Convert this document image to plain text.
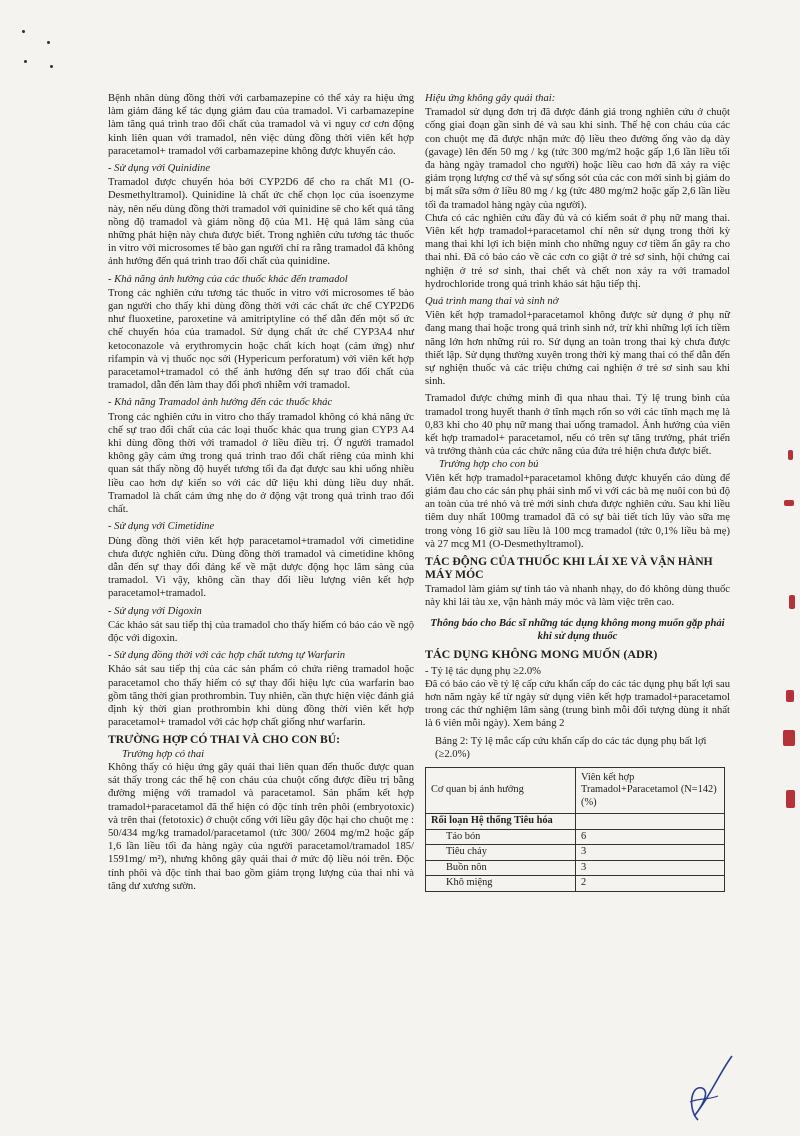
Bệnh nhân dùng đồng thời với carbamazepine có thể xảy ra hiệu ứng làm giảm đáng kể tác dụng giảm đau của tramadol. Vì carbamazepine làm tăng quá trình trao đổi chất của tramadol và vì nguy cơ cơn động kinh liên quan với tramadol, nên việc dùng đồng thời viên kết hợp paracetamol+ tramadol với carbamazepine không được khuyến cáo.

- Sử dụng với Quinidine

Tramadol được chuyển hóa bởi CYP2D6 để cho ra chất M1 (O-Desmethyltramol). Quinidine là chất ức chế chọn lọc của isoenzyme này, nên nếu dùng đồng thời tramadol với quinidine sẽ cho kết quả tăng nồng độ tramadol và giảm nồng độ của M1. Hệ quả lâm sàng của những phát hiện này chưa được biết. Trong nghiên cứu tương tác thuốc in vitro với microsomes tế bào gan người chỉ ra rằng tramadol đã không ảnh hưởng đến quá trình trao đổi chất của quinidine.

- Khả năng ảnh hưởng của các thuốc khác đến tramadol

Trong các nghiên cứu tương tác thuốc in vitro với microsomes tế bào gan người cho thấy khi dùng đồng thời với các chất ức chế CYP2D6 như fluoxetine, paroxetine và amitriptyline có thể dẫn đến một số ức chế chuyển hóa của tramadol. Sử dụng chất ức chế CYP3A4 như ketoconazole và erythromycin hoặc chất kích hoạt (cảm ứng) như rifampin và vị thuốc nọc sởi (Hypericum perforatum) với viên kết hợp paracetamol+tramadol có thể ảnh hưởng đến sự trao đổi chất của tramadol, dẫn đến làm thay đổi phơi nhiễm với tramadol.

- Khả năng Tramadol ảnh hưởng đến các thuốc khác

Trong các nghiên cứu in vitro cho thấy tramadol không có khả năng ức chế sự trao đổi chất của các loại thuốc khác qua trung gian CYP3 A4 khi dùng đồng thời với tramadol ở liều điều trị. Ở người tramadol không gây cảm ứng trong quá trình trao đổi chất riêng của mình khi quan sát thấy nồng độ huyết tương tối đa đạt được sau khi uống nhiều liều cao hơn dự kiến so với các dữ liệu khi dùng liều duy nhất. Tramadol là chất cảm ứng nhẹ do ở động vật trong quá trình trao đổi chất.

- Sử dụng với Cimetidine

Dùng đồng thời viên kết hợp paracetamol+tramadol với cimetidine chưa được nghiên cứu. Dùng đồng thời tramadol và cimetidine không dẫn đến sự thay đổi đáng kể về mặt dược động học lâm sàng của tramadol. Vì vậy, không cần thay đổi liều lượng viên kết hợp paracetamol+tramadol.

- Sử dụng với Digoxin

Các khảo sát sau tiếp thị của tramadol cho thấy hiếm có báo cáo về ngộ độc với digoxin.

- Sử dụng đồng thời với các hợp chất tương tự Warfarin

Khảo sát sau tiếp thị của các sản phẩm có chứa riêng tramadol hoặc paracetamol cho thấy hiếm có sự thay đổi hiệu lực của warfarin bao gồm tăng thời gian prothrombin. Tuy nhiên, cần thực hiện việc đánh giá định kỳ thời gian prothrombin khi dùng đồng thời viên kết hợp paracetamol+ tramadol với các hợp chất giống như warfarin.

TRƯỜNG HỢP CÓ THAI VÀ CHO CON BÚ:
Trường hợp có thai

Không thấy có hiệu ứng gây quái thai liên quan đến thuốc được quan sát thấy trong các thế hệ con cháu của chuột cống được điều trị bằng đường miệng với tramadol và paracetamol. Sản phẩm kết hợp tramadol+paracetamol đã thể hiện có độc tính trên phôi (embryotoxic) và trên thai (fetotoxic) ở chuột cống với liều gây độc hại cho chuột mẹ : 50/434 mg/kg tramadol/paracetamol (tức 300/ 2604 mg/m2 hoặc gấp 1,6 lần liều tối đa hàng ngày của người paracetamol/tramadol 185/ 1591mg/ m²), nhưng không gây quái thai ở mức độ liều nói trên. Độc tính phôi và độc tính thai bao gồm giảm trọng lượng của thai nhi và tăng dư xương sườn.

Hiệu ứng không gây quái thai:

Tramadol sử dụng đơn trị đã được đánh giá trong nghiên cứu ở chuột cống giai đoạn gần sinh đẻ và sau khi sinh. Thế hệ con cháu của các con chuột mẹ đã được nhận mức độ liều theo đường ống vào dạ dày (gavage) lên đến 50 mg / kg (tức 300 mg/m2 hoặc gấp 1,6 lần liều tối đa hàng ngày tramadol cho người) hoặc liều cao hơn đã xảy ra việc giảm trọng lượng cơ thể và sự sống sót của các con mới sinh bị giảm do bị mất sữa sớm ở liều 80 mg / kg (tức 480 mg/m2 hoặc gấp 2,6 lần liều tối đa tramadol hàng ngày của người).

Chưa có các nghiên cứu đầy đủ và có kiểm soát ở phụ nữ mang thai. Viên kết hợp tramadol+paracetamol chỉ nên sử dụng trong thời kỳ mang thai khi lợi ích biện minh cho những nguy cơ tiềm ẩn gây ra cho thai nhi. Đã có báo cáo về các cơn co giật ở trẻ sơ sinh, hội chứng cai nghiện ở trẻ sơ sinh, thai chết và chết non xảy ra với tramadol hydrochloride trong quá trình khảo sát hậu tiếp thị.

Quá trình mang thai và sinh nở

Viên kết hợp tramadol+paracetamol không được sử dụng ở phụ nữ đang mang thai hoặc trong quá trình sinh nở, trừ khi những lợi ích tiềm năng lớn hơn những rủi ro. Sử dụng an toàn trong thai kỳ chưa được thiết lập. Sử dụng thường xuyên trong thời kỳ mang thai có thể dẫn đến sự nghiện thuốc và các triệu chứng cai nghiện ở trẻ sơ sinh sau khi sinh.

Tramadol được chứng minh đi qua nhau thai. Tỷ lệ trung bình của tramadol trong huyết thanh ở tĩnh mạch rốn so với các tĩnh mạch mẹ là 0,83 khi cho 40 phụ nữ mang thai uống tramadol. Ảnh hưởng của viên kết hợp tramadol+ paracetamol, nếu có trên sự tăng trưởng, phát triển và trưởng thành của các chức năng của đứa trẻ hiện chưa được biết.

Trường hợp cho con bú

Viên kết hợp tramadol+paracetamol không được khuyến cáo dùng để giảm đau cho các sản phụ phải sinh mổ vì với các bà mẹ nuôi con bú độ an toàn của trẻ nhỏ và trẻ mới sinh chưa được nghiên cứu. Sau khi liều tiêm duy nhất 100mg tramadol đã có sự bài tiết tích lũy vào sữa mẹ trong vòng 16 giờ sau liều là 100 mcg tramadol (tức 0,1% liều bà mẹ) và 27 mcg M1 (O-Desmethyltramol).

TÁC ĐỘNG CỦA THUỐC KHI LÁI XE VÀ VẬN HÀNH MÁY MÓC

Tramadol làm giảm sự tỉnh táo và nhanh nhạy, do đó không dùng thuốc này khi lái tàu xe, vận hành máy móc và làm việc trên cao.

Thông báo cho Bác sĩ những tác dụng không mong muốn gặp phải khi sử dụng thuốc
TÁC DỤNG KHÔNG MONG MUỐN (ADR)
- Tỷ lệ tác dụng phụ ≥2.0%

Đã có báo cáo về tỷ lệ cấp cứu khẩn cấp do các tác dụng phụ bất lợi sau hơn năm ngày kể từ ngày sử dụng viên kết hợp tramadol+paracetamol trong các thử nghiệm lâm sàng (trung bình mỗi đối tượng dùng ít nhất là 6 viên mỗi ngày). Xem bảng 2

Bảng 2: Tỷ lệ mắc cấp cứu khẩn cấp do các tác dụng phụ bất lợi (≥2.0%)
Cơ quan bị ảnh hưởng	Viên kết hợp Tramadol+Paracetamol (N=142) (%)
Rối loạn Hệ thống Tiêu hóa	
Táo bón	6
Tiêu chảy	3
Buồn nôn	3
Khô miệng	2
